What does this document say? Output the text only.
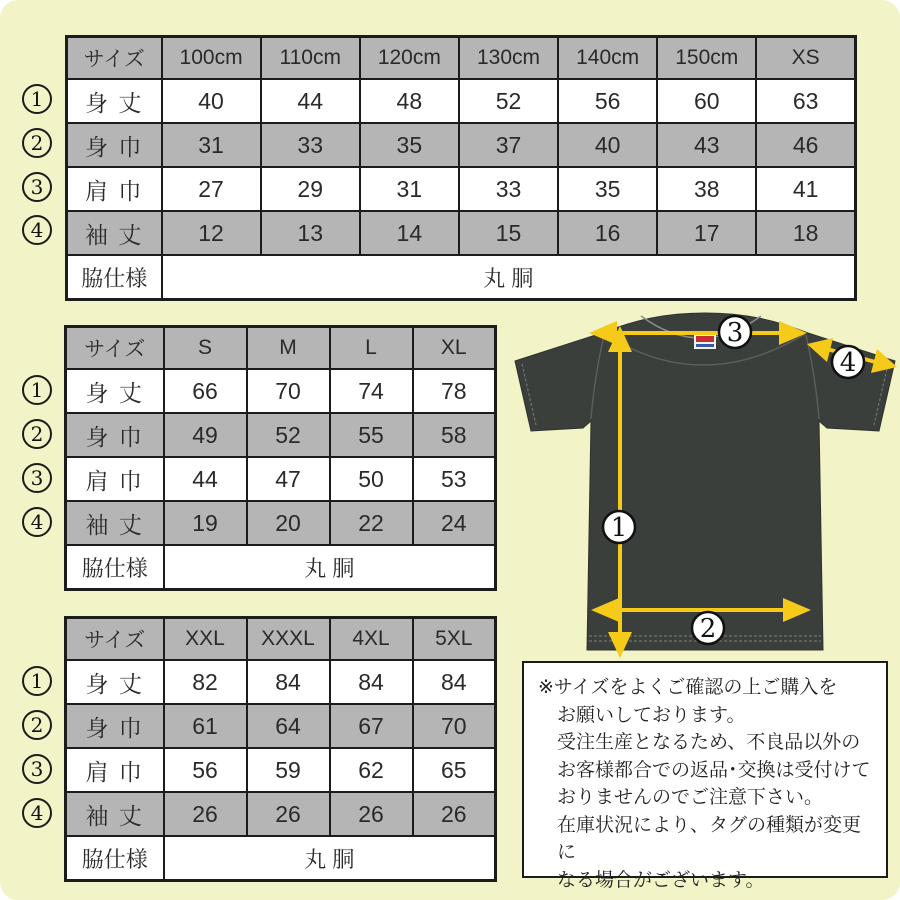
サイズ	100cm	110cm	120cm	130cm	140cm	150cm	XS
身 丈	40	44	48	52	56	60	63
身 巾	31	33	35	37	40	43	46
肩 巾	27	29	31	33	35	38	41
袖 丈	12	13	14	15	16	17	18
脇仕様	丸 胴						
サイズ	S	M	L	XL
身 丈	66	70	74	78
身 巾	49	52	55	58
肩 巾	44	47	50	53
袖 丈	19	20	22	24
脇仕様	丸 胴			
サイズ	XXL	XXXL	4XL	5XL
身 丈	82	84	84	84
身 巾	61	64	67	70
肩 巾	56	59	62	65
袖 丈	26	26	26	26
脇仕様	丸 胴			
1
2
3
4
1
2
3
4
1
2
3
4
3
4
1
2
※サイズをよくご確認の上ご購入を
お願いしております。
受注生産となるため、不良品以外の
お客様都合での返品･交換は受付けて
おりませんのでご注意下さい。
在庫状況により、タグの種類が変更に
なる場合がございます。
